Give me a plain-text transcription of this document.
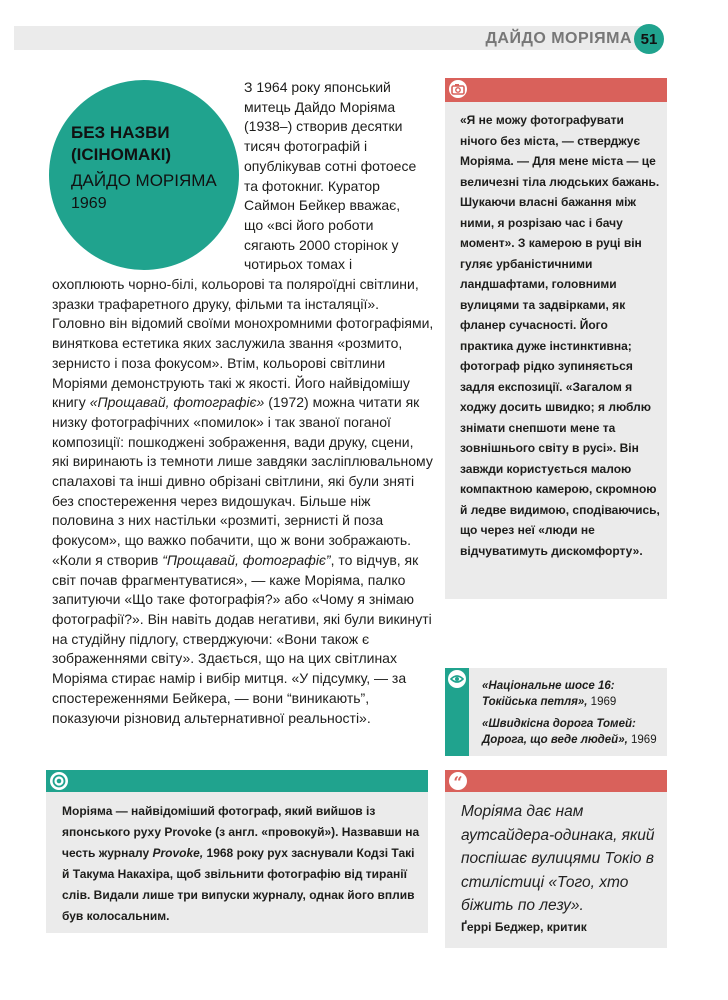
ДАЙДО МОРІЯМА 51
БЕЗ НАЗВИ
(ІСІНОМАКІ)
ДАЙДО МОРІЯМА
1969
З 1964 року японський
митець Дайдо Моріяма
(1938–) створив десятки
тисяч фотографій і
опублікував сотні фотоесе
та фотокниг. Куратор
Саймон Бейкер вважає,
що «всі його роботи
сягають 2000 сторінок у
чотирьох томах і

охоплюють чорно-білі, кольорові та поляроїдні світлини, зразки трафаретного друку, фільми та інсталяції». Головно він відомий своїми монохромними фотографіями, винятковa естетика яких заслужила звання «розмито, зернисто і поза фокусом». Втім, кольорові світлини Моріями демонструють такі ж якості. Його найвідомішу книгу «Прощавай, фотографіє» (1972) можна читати як низку фотографічних «помилок» і так званої поганої композиції: пошкоджені зображення, вади друку, сцени, які виринають із темноти лише завдяки засліплювальному спалахові та інші дивно обрізані світлини, які були зняті без спостереження через видошукач. Більше ніж половина з них настільки «розмиті, зернисті й поза фокусом», що важко побачити, що ж вони зображають. «Коли я створив “Прощавай, фотографіє”, то відчув, як світ почав фрагментуватися», — каже Моріяма, палко запитуючи «Що таке фотографія?» або «Чому я знімаю фотографії?». Він навіть додав негативи, які були викинуті на студійну підлогу, стверджуючи: «Вони також є зображеннями світу». Здається, що на цих світлинах Моріяма стирає намір і вибір митця. «У підсумку, — за спостереженнями Бейкера, — вони “виникають”, показуючи різновид альтернативної реальності».

«Я не можу фотографувати нічого без міста, — стверджує Моріяма. — Для мене міста — це величезні тіла людських бажань. Шукаючи власні бажання між ними, я розрізаю час і бачу момент». З камерою в руці він гуляє урбаністичними ландшафтами, головними вулицями та задвірками, як фланер сучасності. Його практика дуже інстинктивна; фотограф рідко зупиняється задля експозиції. «Загалом я ходжу досить швидко; я люблю знімати снепшоти мене та зовнішнього світу в русі». Він завжди користується малою компактною камерою, скромною й ледве видимою, сподіваючись, що через неї «люди не відчуватимуть дискомфорту».
«Національне шосе 16: Токійська петля», 1969
«Швидкісна дорога Томей: Дорога, що веде людей», 1969
Моріяма — найвідоміший фотограф, який вийшов із японського руху Provoke (з англ. «провокуй»). Назвавши на честь журналу Provoke, 1968 року рух заснували Кодзі Такі й Такума Накахіра, щоб звільнити фотографію від тиранії слів. Видали лише три випуски журналу, однак його вплив був колосальним.
“
Моріяма дає нам аутсайдера-одинака, який поспішає вулицями Токіо в стилістиці «Того, хто біжить по лезу».
Ґеррі Беджер, критик
